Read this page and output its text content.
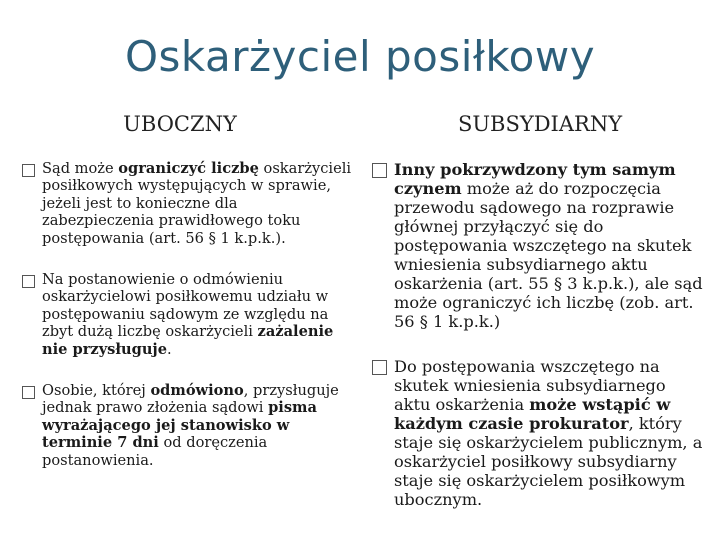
Oskarżyciel posiłkowy
UBOCZNY	SUBSYDIARNY
Sąd może ograniczyć liczbę oskarżycieli posiłkowych występujących w sprawie, jeżeli jest to konieczne dla zabezpieczenia prawidłowego toku postępowania (art. 56 § 1 k.p.k.).
Na postanowienie o odmówieniu oskarżycielowi posiłkowemu udziału w postępowaniu sądowym ze względu na zbyt dużą liczbę oskarżycieli zażalenie nie przysługuje.
Osobie, której odmówiono, przysługuje jednak prawo złożenia sądowi pisma wyrażającego jej stanowisko w terminie 7 dni od doręczenia postanowienia.
Inny pokrzywdzony tym samym czynem może aż do rozpoczęcia przewodu sądowego na rozprawie głównej przyłączyć się do postępowania wszczętego na skutek wniesienia subsydiarnego aktu oskarżenia (art. 55 § 3 k.p.k.), ale sąd może ograniczyć ich liczbę (zob. art. 56 § 1 k.p.k.)
Do postępowania wszczętego na skutek wniesienia subsydiarnego aktu oskarżenia może wstąpić w każdym czasie prokurator, który staje się oskarżycielem publicznym, a oskarżyciel posiłkowy subsydiarny staje się oskarżycielem posiłkowym ubocznym.
